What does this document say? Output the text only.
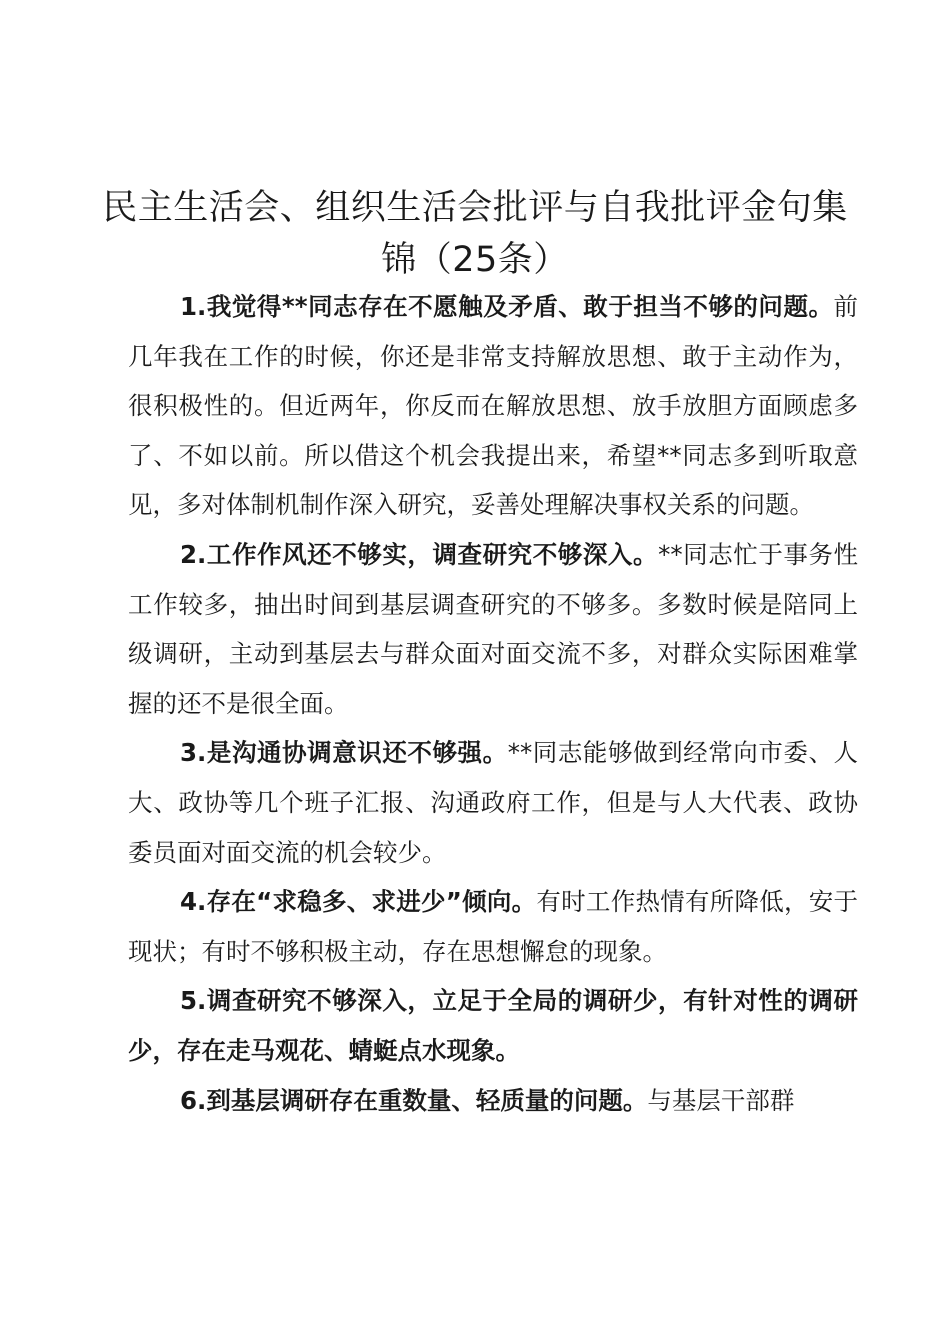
民主生活会、组织生活会批评与自我批评金句集锦（25条）

1.我觉得**同志存在不愿触及矛盾、敢于担当不够的问题。前几年我在工作的时候，你还是非常支持解放思想、敢于主动作为，很积极性的。但近两年，你反而在解放思想、放手放胆方面顾虑多了、不如以前。所以借这个机会我提出来，希望**同志多到听取意见，多对体制机制作深入研究，妥善处理解决事权关系的问题。

2.工作作风还不够实，调查研究不够深入。**同志忙于事务性工作较多，抽出时间到基层调查研究的不够多。多数时候是陪同上级调研，主动到基层去与群众面对面交流不多，对群众实际困难掌握的还不是很全面。

3.是沟通协调意识还不够强。**同志能够做到经常向市委、人大、政协等几个班子汇报、沟通政府工作，但是与人大代表、政协委员面对面交流的机会较少。

4.存在“求稳多、求进少”倾向。有时工作热情有所降低，安于现状；有时不够积极主动，存在思想懈怠的现象。

5.调查研究不够深入，立足于全局的调研少，有针对性的调研少，存在走马观花、蜻蜓点水现象。

6.到基层调研存在重数量、轻质量的问题。与基层干部群
